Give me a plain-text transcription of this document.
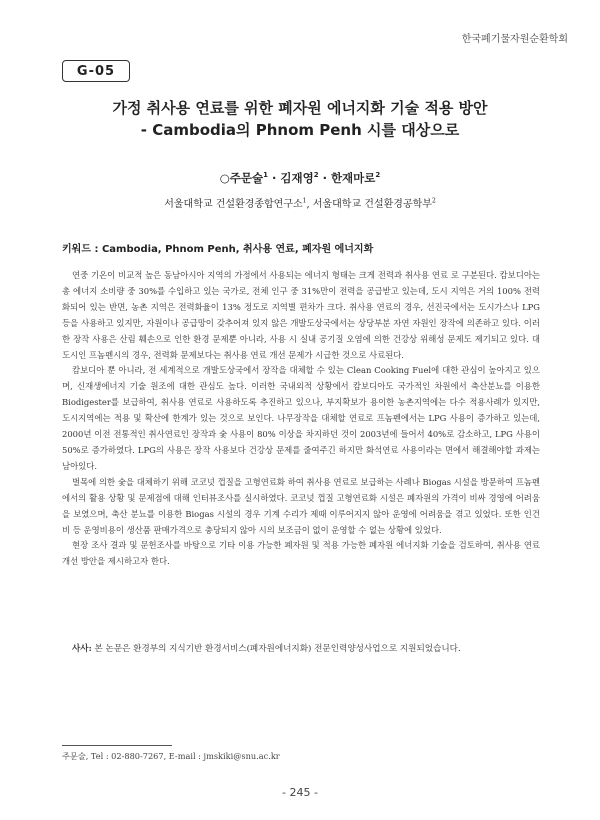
한국폐기물자원순환학회
G-05
가정 취사용 연료를 위한 폐자원 에너지화 기술 적용 방안
- Cambodia의 Phnom Penh 시를 대상으로
○주문술$^1$ · 김재영$^2$ · 한재마로$^2$
서울대학교 건설환경종합연구소$^1$, 서울대학교 건설환경공학부$^2$
키워드 : Cambodia, Phnom Penh, 취사용 연료, 폐자원 에너지화

연중 기온이 비교적 높은 동남아시아 지역의 가정에서 사용되는 에너지 형태는 크게 전력과 취사용 연료 로 구분된다. 캄보디아는 총 에너지 소비량 중 30%를 수입하고 있는 국가로, 전체 인구 중 31%만이 전력을 공급받고 있는데, 도시 지역은 거의 100% 전력화되어 있는 반면, 농촌 지역은 전력화율이 13% 정도로 지역별 편차가 크다. 취사용 연료의 경우, 선진국에서는 도시가스나 LPG 등을 사용하고 있지만, 자원이나 공급망이 갖추어져 있지 않은 개발도상국에서는 상당부분 자연 자원인 장작에 의존하고 있다. 이러한 장작 사용은 산림 훼손으로 인한 환경 문제뿐 아니라, 사용 시 실내 공기질 오염에 의한 건강상 위해성 문제도 제기되고 있다. 대도시인 프놈펜시의 경우, 전력화 문제보다는 취사용 연료 개선 문제가 시급한 것으로 사료된다.

캄보디아 뿐 아니라, 전 세계적으로 개발도상국에서 장작을 대체할 수 있는 Clean Cooking Fuel에 대한 관심이 높아지고 있으며, 신재생에너지 기술 원조에 대한 관심도 높다. 이러한 국내외적 상황에서 캄보디아도 국가적인 차원에서 축산분뇨를 이용한 Biodigester를 보급하여, 취사용 연료로 사용하도록 추진하고 있으나, 부지확보가 용이한 농촌지역에는 다수 적용사례가 있지만, 도시지역에는 적용 및 확산에 한계가 있는 것으로 보인다. 나무장작을 대체할 연료로 프놈펜에서는 LPG 사용이 증가하고 있는데, 2000년 이전 전통적인 취사연료인 장작과 숯 사용이 80% 이상을 차지하던 것이 2003년에 들어서 40%로 감소하고, LPG 사용이 50%로 증가하였다. LPG의 사용은 장작 사용보다 건강상 문제를 줄여주긴 하지만 화석연료 사용이라는 면에서 해결해야할 과제는 남아있다.

벌목에 의한 숯을 대체하기 위해 코코넛 껍질을 고형연료화 하여 취사용 연료로 보급하는 사례나 Biogas 시설을 방문하여 프놈펜에서의 활용 상황 및 문제점에 대해 인터뷰조사를 실시하였다. 코코넛 껍질 고형연료화 시설은 폐자원의 가격이 비싸 경영에 어려움을 보였으며, 축산 분뇨를 이용한 Biogas 시설의 경우 기계 수리가 제때 이루어지지 않아 운영에 어려움을 겪고 있었다. 또한 인건비 등 운영비용이 생산품 판매가격으로 충당되지 않아 시의 보조금이 없이 운영할 수 없는 상황에 있었다.

현장 조사 결과 및 문헌조사를 바탕으로 기타 이용 가능한 폐자원 및 적용 가능한 폐자원 에너지화 기술을 검토하여, 취사용 연료 개선 방안을 제시하고자 한다.

사사: 본 논문은 환경부의 지식기반 환경서비스(폐자원에너지화) 전문인력양성사업으로 지원되었습니다.
주문술, Tel : 02-880-7267, E-mail : jmskiki@snu.ac.kr
- 245 -
